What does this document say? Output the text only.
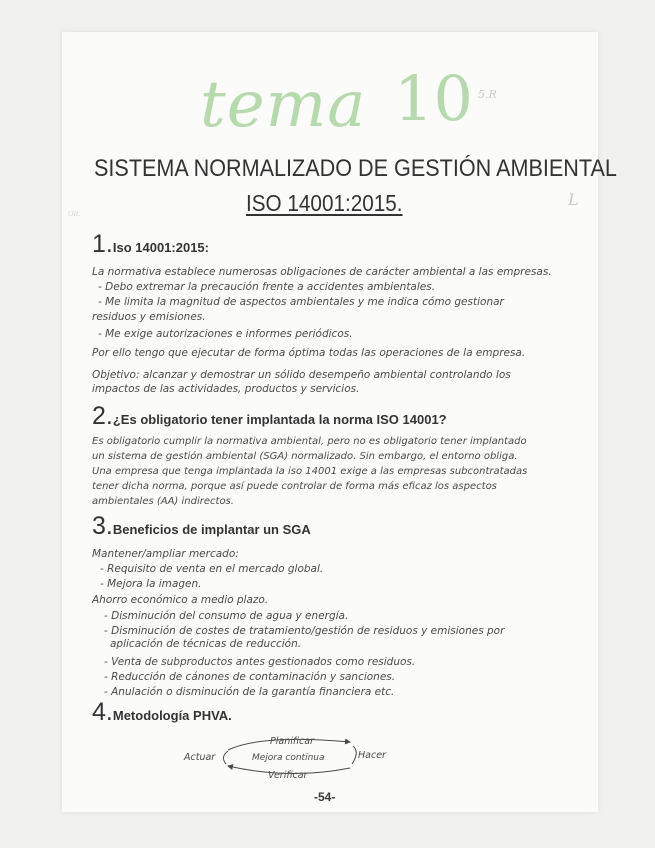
5.R
L
Olt.
tema 10
SISTEMA NORMALIZADO DE GESTIÓN AMBIENTAL
ISO 14001:2015.
1.Iso 14001:2015:
La normativa establece numerosas obligaciones de carácter ambiental a las empresas.
- Debo extremar la precaución frente a accidentes ambientales.
- Me limita la magnitud de aspectos ambientales y me indica cómo gestionar
residuos y emisiones.
- Me exige autorizaciones e informes periódicos.
Por ello tengo que ejecutar de forma óptima todas las operaciones de la empresa.
Objetivo: alcanzar y demostrar un sólido desempeño ambiental controlando los
impactos de las actividades, productos y servicios.
2.¿Es obligatorio tener implantada la norma ISO 14001?
Es obligatorio cumplir la normativa ambiental, pero no es obligatorio tener implantado
un sistema de gestión ambiental (SGA) normalizado. Sin embargo, el entorno obliga.
Una empresa que tenga implantada la iso 14001 exige a las empresas subcontratadas
tener dicha norma, porque así puede controlar de forma más eficaz los aspectos
ambientales (AA) indirectos.
3.Beneficios de implantar un SGA
Mantener/ampliar mercado:
- Requisito de venta en el mercado global.
- Mejora la imagen.
Ahorro económico a medio plazo.
- Disminución del consumo de agua y energía.
- Disminución de costes de tratamiento/gestión de residuos y emisiones por
aplicación de técnicas de reducción.
- Venta de subproductos antes gestionados como residuos.
- Reducción de cánones de contaminación y sanciones.
- Anulación o disminución de la garantía financiera etc.
4.Metodología PHVA.
Actuar
Planificar
Hacer
Verificar
Mejora continua
-54-
